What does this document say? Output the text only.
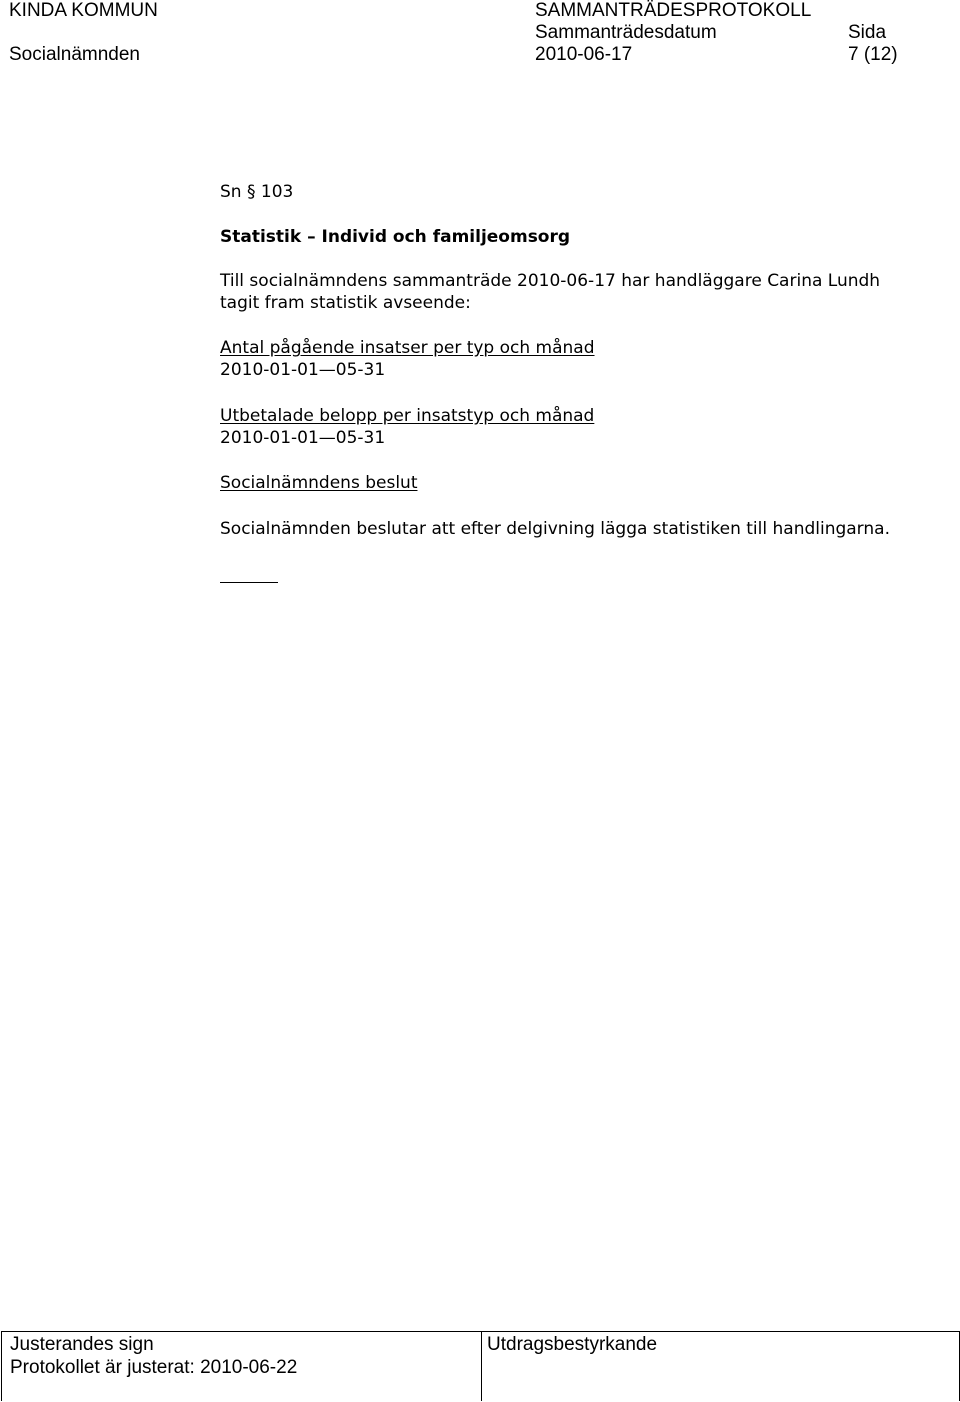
KINDA KOMMUN	SAMMANTRÄDESPROTOKOLL
Socialnämnden
Sammanträdesdatum
2010-06-17
Sida
7 (12)
Sn § 103
Statistik – Individ och familjeomsorg
Till socialnämndens sammanträde 2010-06-17 har handläggare Carina Lundh
tagit fram statistik avseende:
Antal pågående insatser per typ och månad
2010-01-01—05-31
Utbetalade belopp per insatstyp och månad
2010-01-01—05-31
Socialnämndens beslut
Socialnämnden beslutar att efter delgivning lägga statistiken till handlingarna.
Justerandes sign
Protokollet är justerat: 2010-06-22
Utdragsbestyrkande
